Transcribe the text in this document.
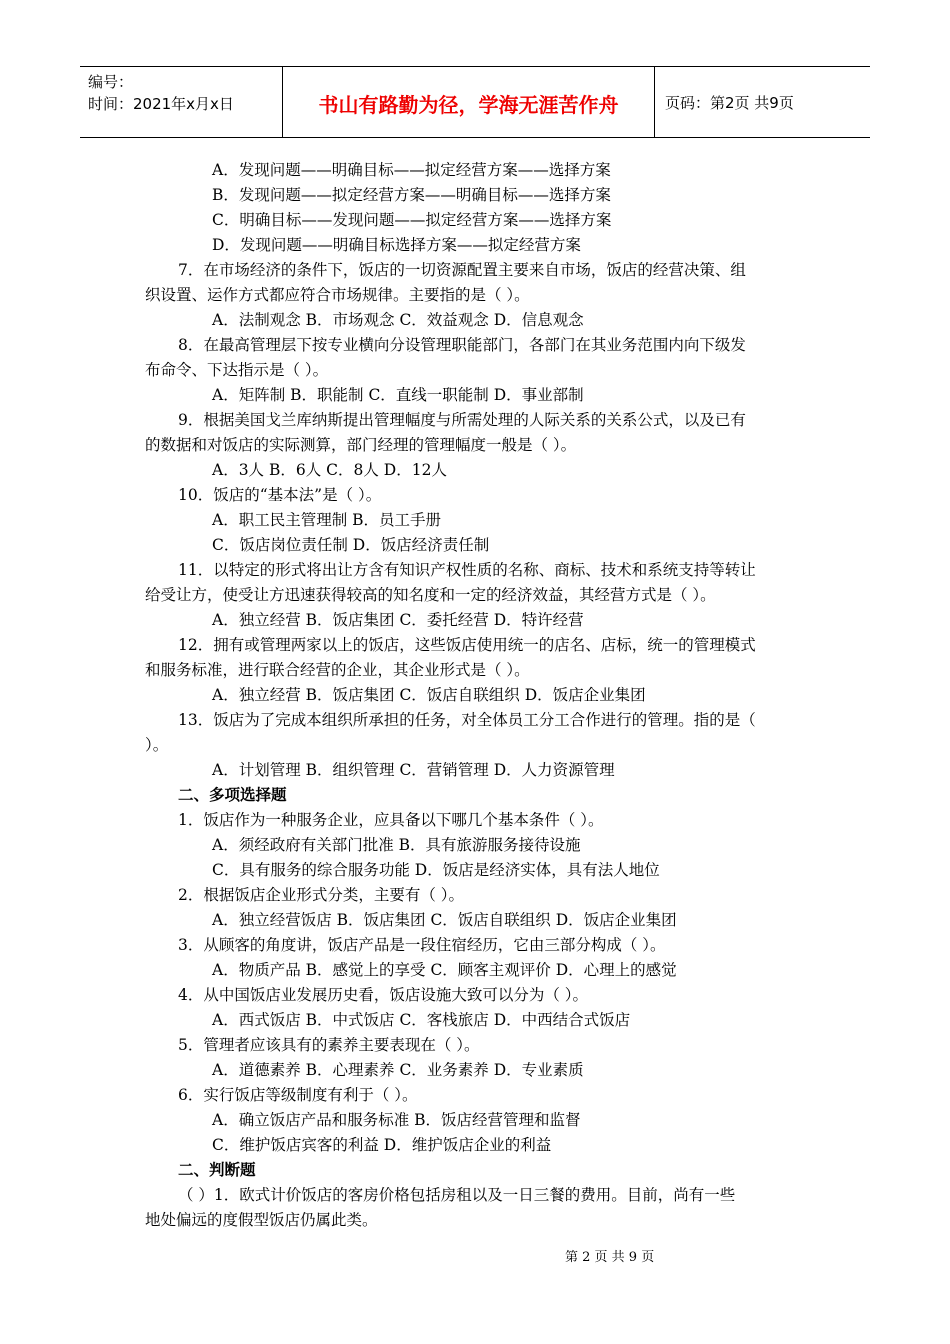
编号：
时间：2021年x月x日	书山有路勤为径，学海无涯苦作舟	页码：第2页 共9页
A．发现问题——明确目标——拟定经营方案——选择方案
B．发现问题——拟定经营方案——明确目标——选择方案
C．明确目标——发现问题——拟定经营方案——选择方案
D．发现问题——明确目标选择方案——拟定经营方案
7．在市场经济的条件下，饭店的一切资源配置主要来自市场，饭店的经营决策、组
织设置、运作方式都应符合市场规律。主要指的是（ ）。
A．法制观念 B．市场观念 C．效益观念 D．信息观念
8．在最高管理层下按专业横向分设管理职能部门，各部门在其业务范围内向下级发
布命令、下达指示是（ ）。
A．矩阵制 B．职能制 C．直线一职能制 D．事业部制
9．根据美国戈兰库纳斯提出管理幅度与所需处理的人际关系的关系公式，以及已有
的数据和对饭店的实际测算，部门经理的管理幅度一般是（ ）。
A．3人 B．6人 C．8人 D．12人
10．饭店的“基本法”是（ ）。
A．职工民主管理制 B．员工手册
C．饭店岗位责任制 D．饭店经济责任制
11．以特定的形式将出让方含有知识产权性质的名称、商标、技术和系统支持等转让
给受让方，使受让方迅速获得较高的知名度和一定的经济效益，其经营方式是（ ）。
A．独立经营 B．饭店集团 C．委托经营 D．特许经营
12．拥有或管理两家以上的饭店，这些饭店使用统一的店名、店标，统一的管理模式
和服务标准，进行联合经营的企业，其企业形式是（ ）。
A．独立经营 B．饭店集团 C．饭店自联组织 D．饭店企业集团
13．饭店为了完成本组织所承担的任务，对全体员工分工合作进行的管理。指的是（
）。
A．计划管理 B．组织管理 C．营销管理 D．人力资源管理
二、多项选择题
1．饭店作为一种服务企业，应具备以下哪几个基本条件（ ）。
A．须经政府有关部门批准 B．具有旅游服务接待设施
C．具有服务的综合服务功能 D．饭店是经济实体，具有法人地位
2．根据饭店企业形式分类，主要有（ ）。
A．独立经营饭店 B．饭店集团 C．饭店自联组织 D．饭店企业集团
3．从顾客的角度讲，饭店产品是一段住宿经历，它由三部分构成（ ）。
A．物质产品 B．感觉上的享受 C．顾客主观评价 D．心理上的感觉
4．从中国饭店业发展历史看，饭店设施大致可以分为（ ）。
A．西式饭店 B．中式饭店 C．客栈旅店 D．中西结合式饭店
5．管理者应该具有的素养主要表现在（ ）。
A．道德素养 B．心理素养 C．业务素养 D．专业素质
6．实行饭店等级制度有利于（ ）。
A．确立饭店产品和服务标准 B．饭店经营管理和监督
C．维护饭店宾客的利益 D．维护饭店企业的利益
二、判断题
（ ）1．欧式计价饭店的客房价格包括房租以及一日三餐的费用。目前，尚有一些
地处偏远的度假型饭店仍属此类。
第 2 页 共 9 页
